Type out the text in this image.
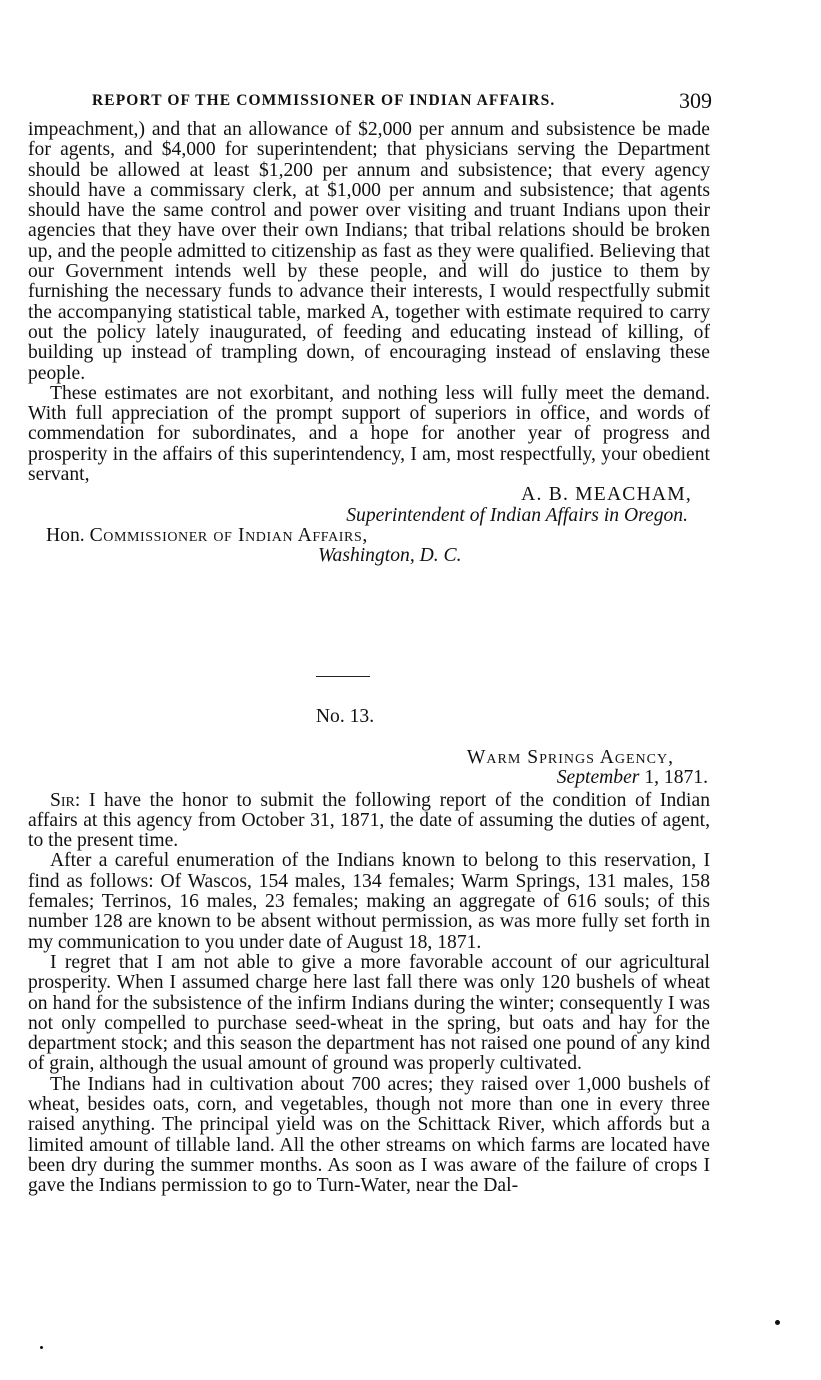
REPORT OF THE COMMISSIONER OF INDIAN AFFAIRS.	309

impeachment,) and that an allowance of $2,000 per annum and subsistence be made for agents, and $4,000 for superintendent; that physicians serving the Department should be allowed at least $1,200 per annum and subsistence; that every agency should have a commissary clerk, at $1,000 per annum and subsistence; that agents should have the same control and power over visiting and truant Indians upon their agencies that they have over their own Indians; that tribal relations should be broken up, and the people admitted to citizenship as fast as they were qualified. Believing that our Government intends well by these people, and will do justice to them by furnishing the necessary funds to advance their interests, I would respectfully submit the accompanying statistical table, marked A, together with estimate required to carry out the policy lately inaugurated, of feeding and educating instead of killing, of building up instead of trampling down, of encouraging instead of enslaving these people.

These estimates are not exorbitant, and nothing less will fully meet the demand. With full appreciation of the prompt support of superiors in office, and words of commendation for subordinates, and a hope for another year of progress and prosperity in the affairs of this superintendency, I am, most respectfully, your obedient servant,

A. B. MEACHAM,
Superintendent of Indian Affairs in Oregon.
Hon. Commissioner of Indian Affairs,
Washington, D. C.
No. 13.
Warm Springs Agency,
September 1, 1871.

Sir: I have the honor to submit the following report of the condition of Indian affairs at this agency from October 31, 1871, the date of assuming the duties of agent, to the present time.

After a careful enumeration of the Indians known to belong to this reservation, I find as follows: Of Wascos, 154 males, 134 females; Warm Springs, 131 males, 158 females; Terrinos, 16 males, 23 females; making an aggregate of 616 souls; of this number 128 are known to be absent without permission, as was more fully set forth in my communication to you under date of August 18, 1871.

I regret that I am not able to give a more favorable account of our agricultural prosperity. When I assumed charge here last fall there was only 120 bushels of wheat on hand for the subsistence of the infirm Indians during the winter; consequently I was not only compelled to purchase seed-wheat in the spring, but oats and hay for the department stock; and this season the department has not raised one pound of any kind of grain, although the usual amount of ground was properly cultivated.

The Indians had in cultivation about 700 acres; they raised over 1,000 bushels of wheat, besides oats, corn, and vegetables, though not more than one in every three raised anything. The principal yield was on the Schittack River, which affords but a limited amount of tillable land. All the other streams on which farms are located have been dry during the summer months. As soon as I was aware of the failure of crops I gave the Indians permission to go to Turn-Water, near the Dal-
